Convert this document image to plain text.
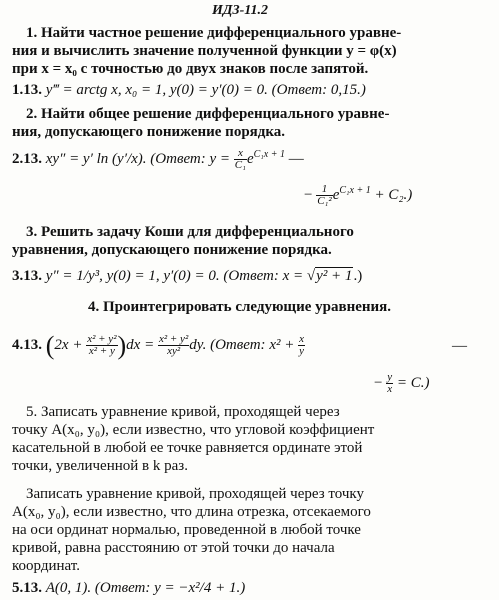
ИДЗ-11.2
1. Найти частное решение дифференциального уравне-
ния и вычислить значение полученной функции y = φ(x)
при x = x₀ с точностью до двух знаков после запятой.
1.13. y‴ = arctg x, x₀ = 1, y(0) = y′(0) = 0. (Ответ: 0,15.)
2. Найти общее решение дифференциального уравне-
ния, допускающего понижение порядка.
2.13. xy″ = y′ ln (y′/x). (Ответ: $y = \frac{x}{\text{C₁}} e^{C_1x + 1}$ —
− $\frac{1}{\text{C₁²}} e^{C_1x + 1} + C_2$.)
3. Решить задачу Коши для дифференциального
уравнения, допускающего понижение порядка.
3.13. y″ = 1/y³, y(0) = 1, y′(0) = 0. (Ответ: x = √y² + 1.)
4. Проинтегрировать следующие уравнения.
4.13. $(2x + \frac{\text{x² + y²}}{\text{x² + y}} )dx = \frac{\text{x² + y²}}{\text{xy²}}$ dy. (Ответ: $x^2 + \frac{x}{y}$	—
− $\frac{y}{x} = C$.)
5. Записать уравнение кривой, проходящей через
точку A(x₀, y₀), если известно, что угловой коэффициент
касательной в любой ее точке равняется ординате этой
точки, увеличенной в k раз.
Записать уравнение кривой, проходящей через точку
A(x₀, y₀), если известно, что длина отрезка, отсекаемого
на оси ординат нормалью, проведенной в любой точке
кривой, равна расстоянию от этой точки до начала
координат.
5.13. A(0, 1). (Ответ: y = −x²/4 + 1.)
